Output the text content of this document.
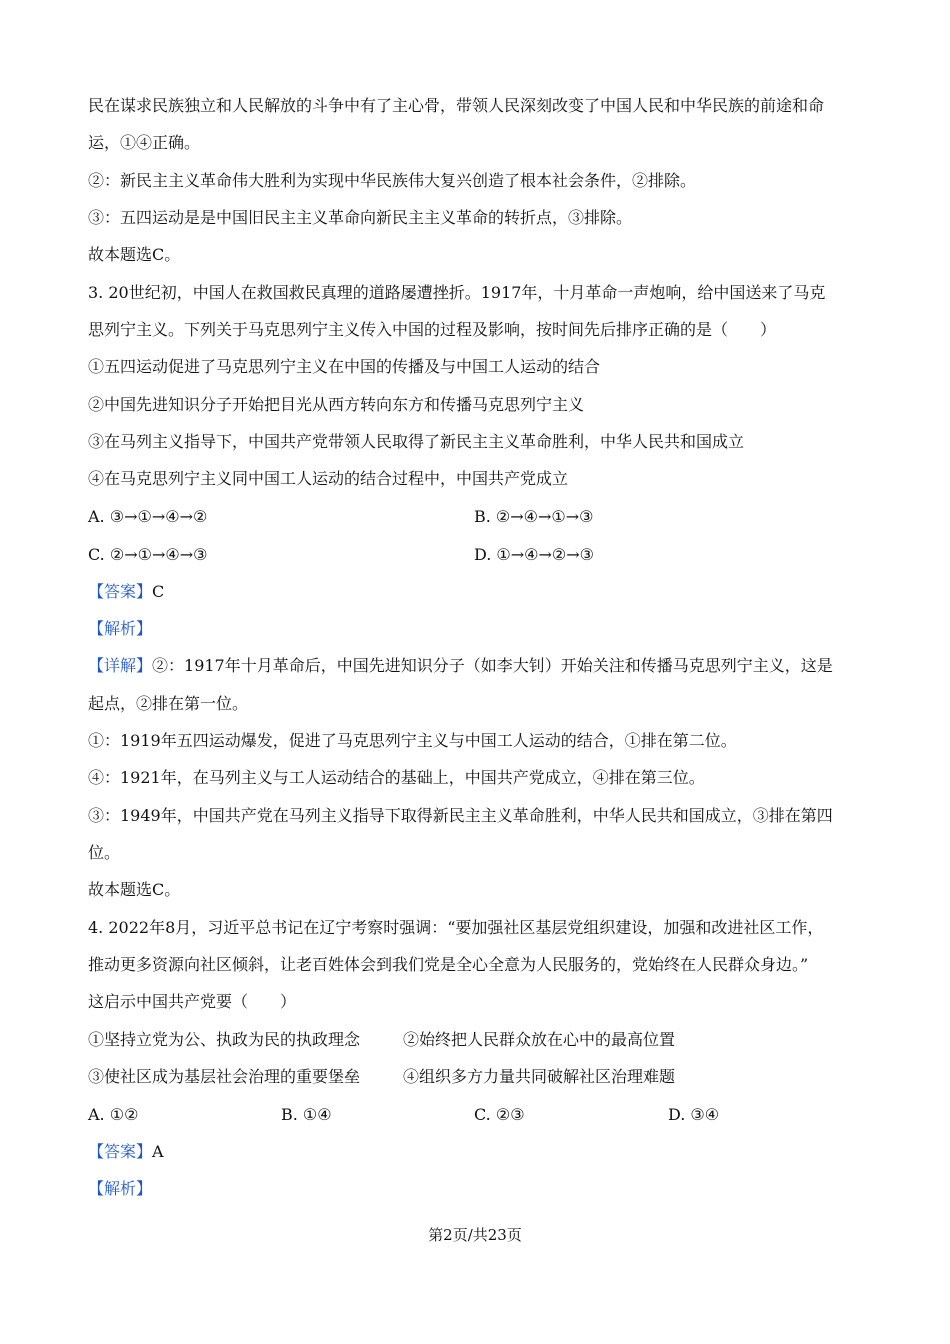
民在谋求民族独立和人民解放的斗争中有了主心骨，带领人民深刻改变了中国人民和中华民族的前途和命
运，①④正确。
②：新民主主义革命伟大胜利为实现中华民族伟大复兴创造了根本社会条件，②排除。
③：五四运动是是中国旧民主主义革命向新民主主义革命的转折点，③排除。
故本题选C。
3. 20世纪初，中国人在救国救民真理的道路屡遭挫折。1917年，十月革命一声炮响，给中国送来了马克
思列宁主义。下列关于马克思列宁主义传入中国的过程及影响，按时间先后排序正确的是（　　）
①五四运动促进了马克思列宁主义在中国的传播及与中国工人运动的结合
②中国先进知识分子开始把目光从西方转向东方和传播马克思列宁主义
③在马列主义指导下，中国共产党带领人民取得了新民主主义革命胜利，中华人民共和国成立
④在马克思列宁主义同中国工人运动的结合过程中，中国共产党成立
A. ③→①→④→②	B. ②→④→①→③
C. ②→①→④→③	D. ①→④→②→③
【答案】C
【解析】
【详解】②：1917年十月革命后，中国先进知识分子（如李大钊）开始关注和传播马克思列宁主义，这是
起点，②排在第一位。
①：1919年五四运动爆发，促进了马克思列宁主义与中国工人运动的结合，①排在第二位。
④：1921年，在马列主义与工人运动结合的基础上，中国共产党成立，④排在第三位。
③：1949年，中国共产党在马列主义指导下取得新民主主义革命胜利，中华人民共和国成立，③排在第四
位。
故本题选C。
4. 2022年8月，习近平总书记在辽宁考察时强调：“要加强社区基层党组织建设，加强和改进社区工作，
推动更多资源向社区倾斜，让老百姓体会到我们党是全心全意为人民服务的，党始终在人民群众身边。”
这启示中国共产党要（　　）
①坚持立党为公、执政为民的执政理念	②始终把人民群众放在心中的最高位置
③使社区成为基层社会治理的重要堡垒	④组织多方力量共同破解社区治理难题
A. ①②	B. ①④	C. ②③	D. ③④
【答案】A
【解析】
第2页/共23页
